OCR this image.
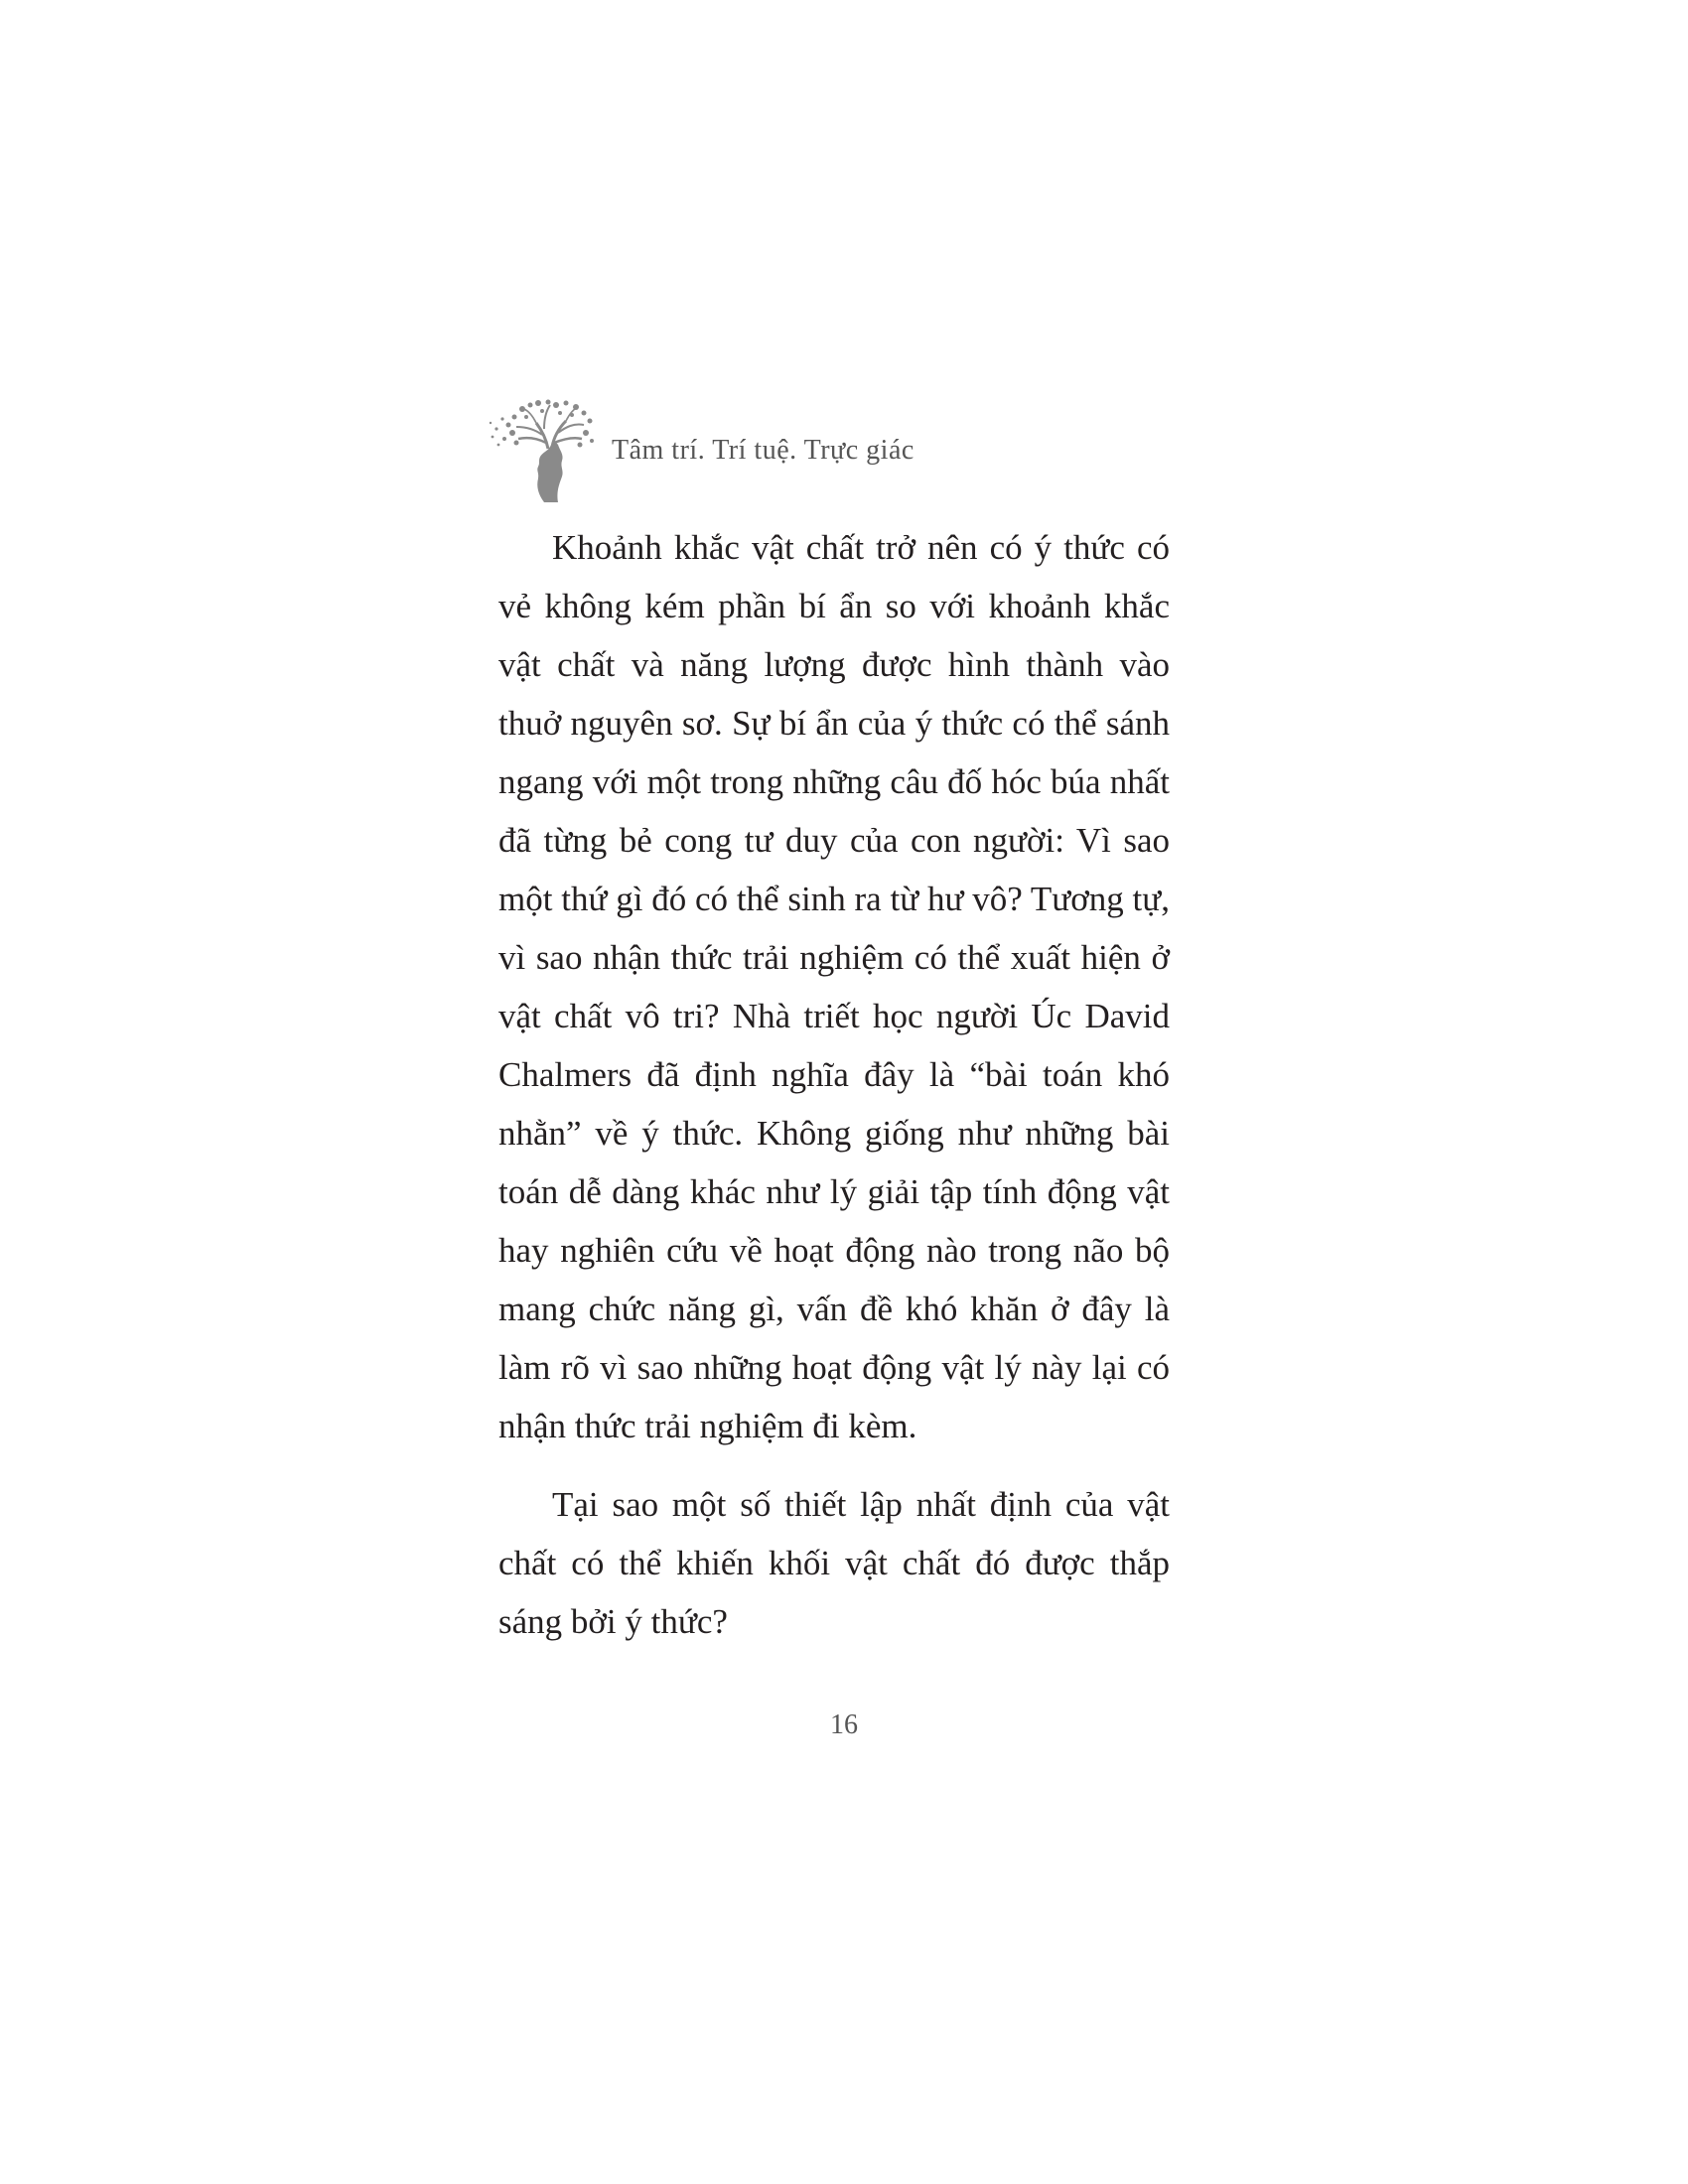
Tâm trí. Trí tuệ. Trực giác

Khoảnh khắc vật chất trở nên có ý thức có vẻ không kém phần bí ẩn so với khoảnh khắc vật chất và năng lượng được hình thành vào thuở nguyên sơ. Sự bí ẩn của ý thức có thể sánh ngang với một trong những câu đố hóc búa nhất đã từng bẻ cong tư duy của con người: Vì sao một thứ gì đó có thể sinh ra từ hư vô? Tương tự, vì sao nhận thức trải nghiệm có thể xuất hiện ở vật chất vô tri? Nhà triết học người Úc David Chalmers đã định nghĩa đây là “bài toán khó nhằn” về ý thức. Không giống như những bài toán dễ dàng khác như lý giải tập tính động vật hay nghiên cứu về hoạt động nào trong não bộ mang chức năng gì, vấn đề khó khăn ở đây là làm rõ vì sao những hoạt động vật lý này lại có nhận thức trải nghiệm đi kèm.

Tại sao một số thiết lập nhất định của vật chất có thể khiến khối vật chất đó được thắp sáng bởi ý thức?

16
